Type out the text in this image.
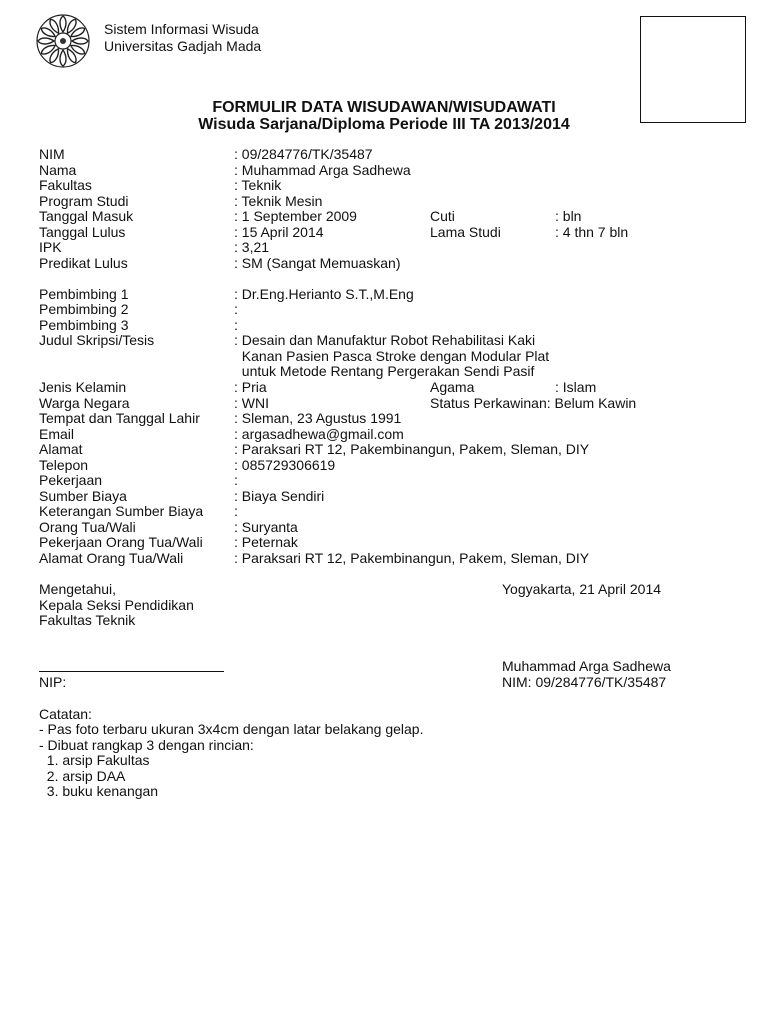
Sistem Informasi Wisuda
Universitas Gadjah Mada
FORMULIR DATA WISUDAWAN/WISUDAWATI
Wisuda Sarjana/Diploma Periode III TA 2013/2014
NIM	: 09/284776/TK/35487
Nama	: Muhammad Arga Sadhewa
Fakultas	: Teknik
Program Studi	: Teknik Mesin
Tanggal Masuk	: 1 September 2009	Cuti	: bln
Tanggal Lulus	: 15 April 2014	Lama Studi	: 4 thn 7 bln
IPK	: 3,21
Predikat Lulus	: SM (Sangat Memuaskan)
Pembimbing 1	: Dr.Eng.Herianto S.T.,M.Eng
Pembimbing 2	:
Pembimbing 3	:
Judul Skripsi/Tesis	: Desain dan Manufaktur Robot Rehabilitasi Kaki
Kanan Pasien Pasca Stroke dengan Modular Plat
untuk Metode Rentang Pergerakan Sendi Pasif
Jenis Kelamin	: Pria	Agama	: Islam
Warga Negara	: WNI	Status Perkawinan: Belum Kawin
Tempat dan Tanggal Lahir : Sleman, 23 Agustus 1991
Email	: argasadhewa@gmail.com
Alamat	: Paraksari RT 12, Pakembinangun, Pakem, Sleman, DIY
Telepon	: 085729306619
Pekerjaan	:
Sumber Biaya	: Biaya Sendiri
Keterangan Sumber Biaya :
Orang Tua/Wali	: Suryanta
Pekerjaan Orang Tua/Wali : Peternak
Alamat Orang Tua/Wali	: Paraksari RT 12, Pakembinangun, Pakem, Sleman, DIY
Mengetahui,
Kepala Seksi Pendidikan
Fakultas Teknik
Yogyakarta, 21 April 2014
NIP:
Muhammad Arga Sadhewa
NIM: 09/284776/TK/35487
Catatan:
- Pas foto terbaru ukuran 3x4cm dengan latar belakang gelap.
- Dibuat rangkap 3 dengan rincian:
1. arsip Fakultas
2. arsip DAA
3. buku kenangan
